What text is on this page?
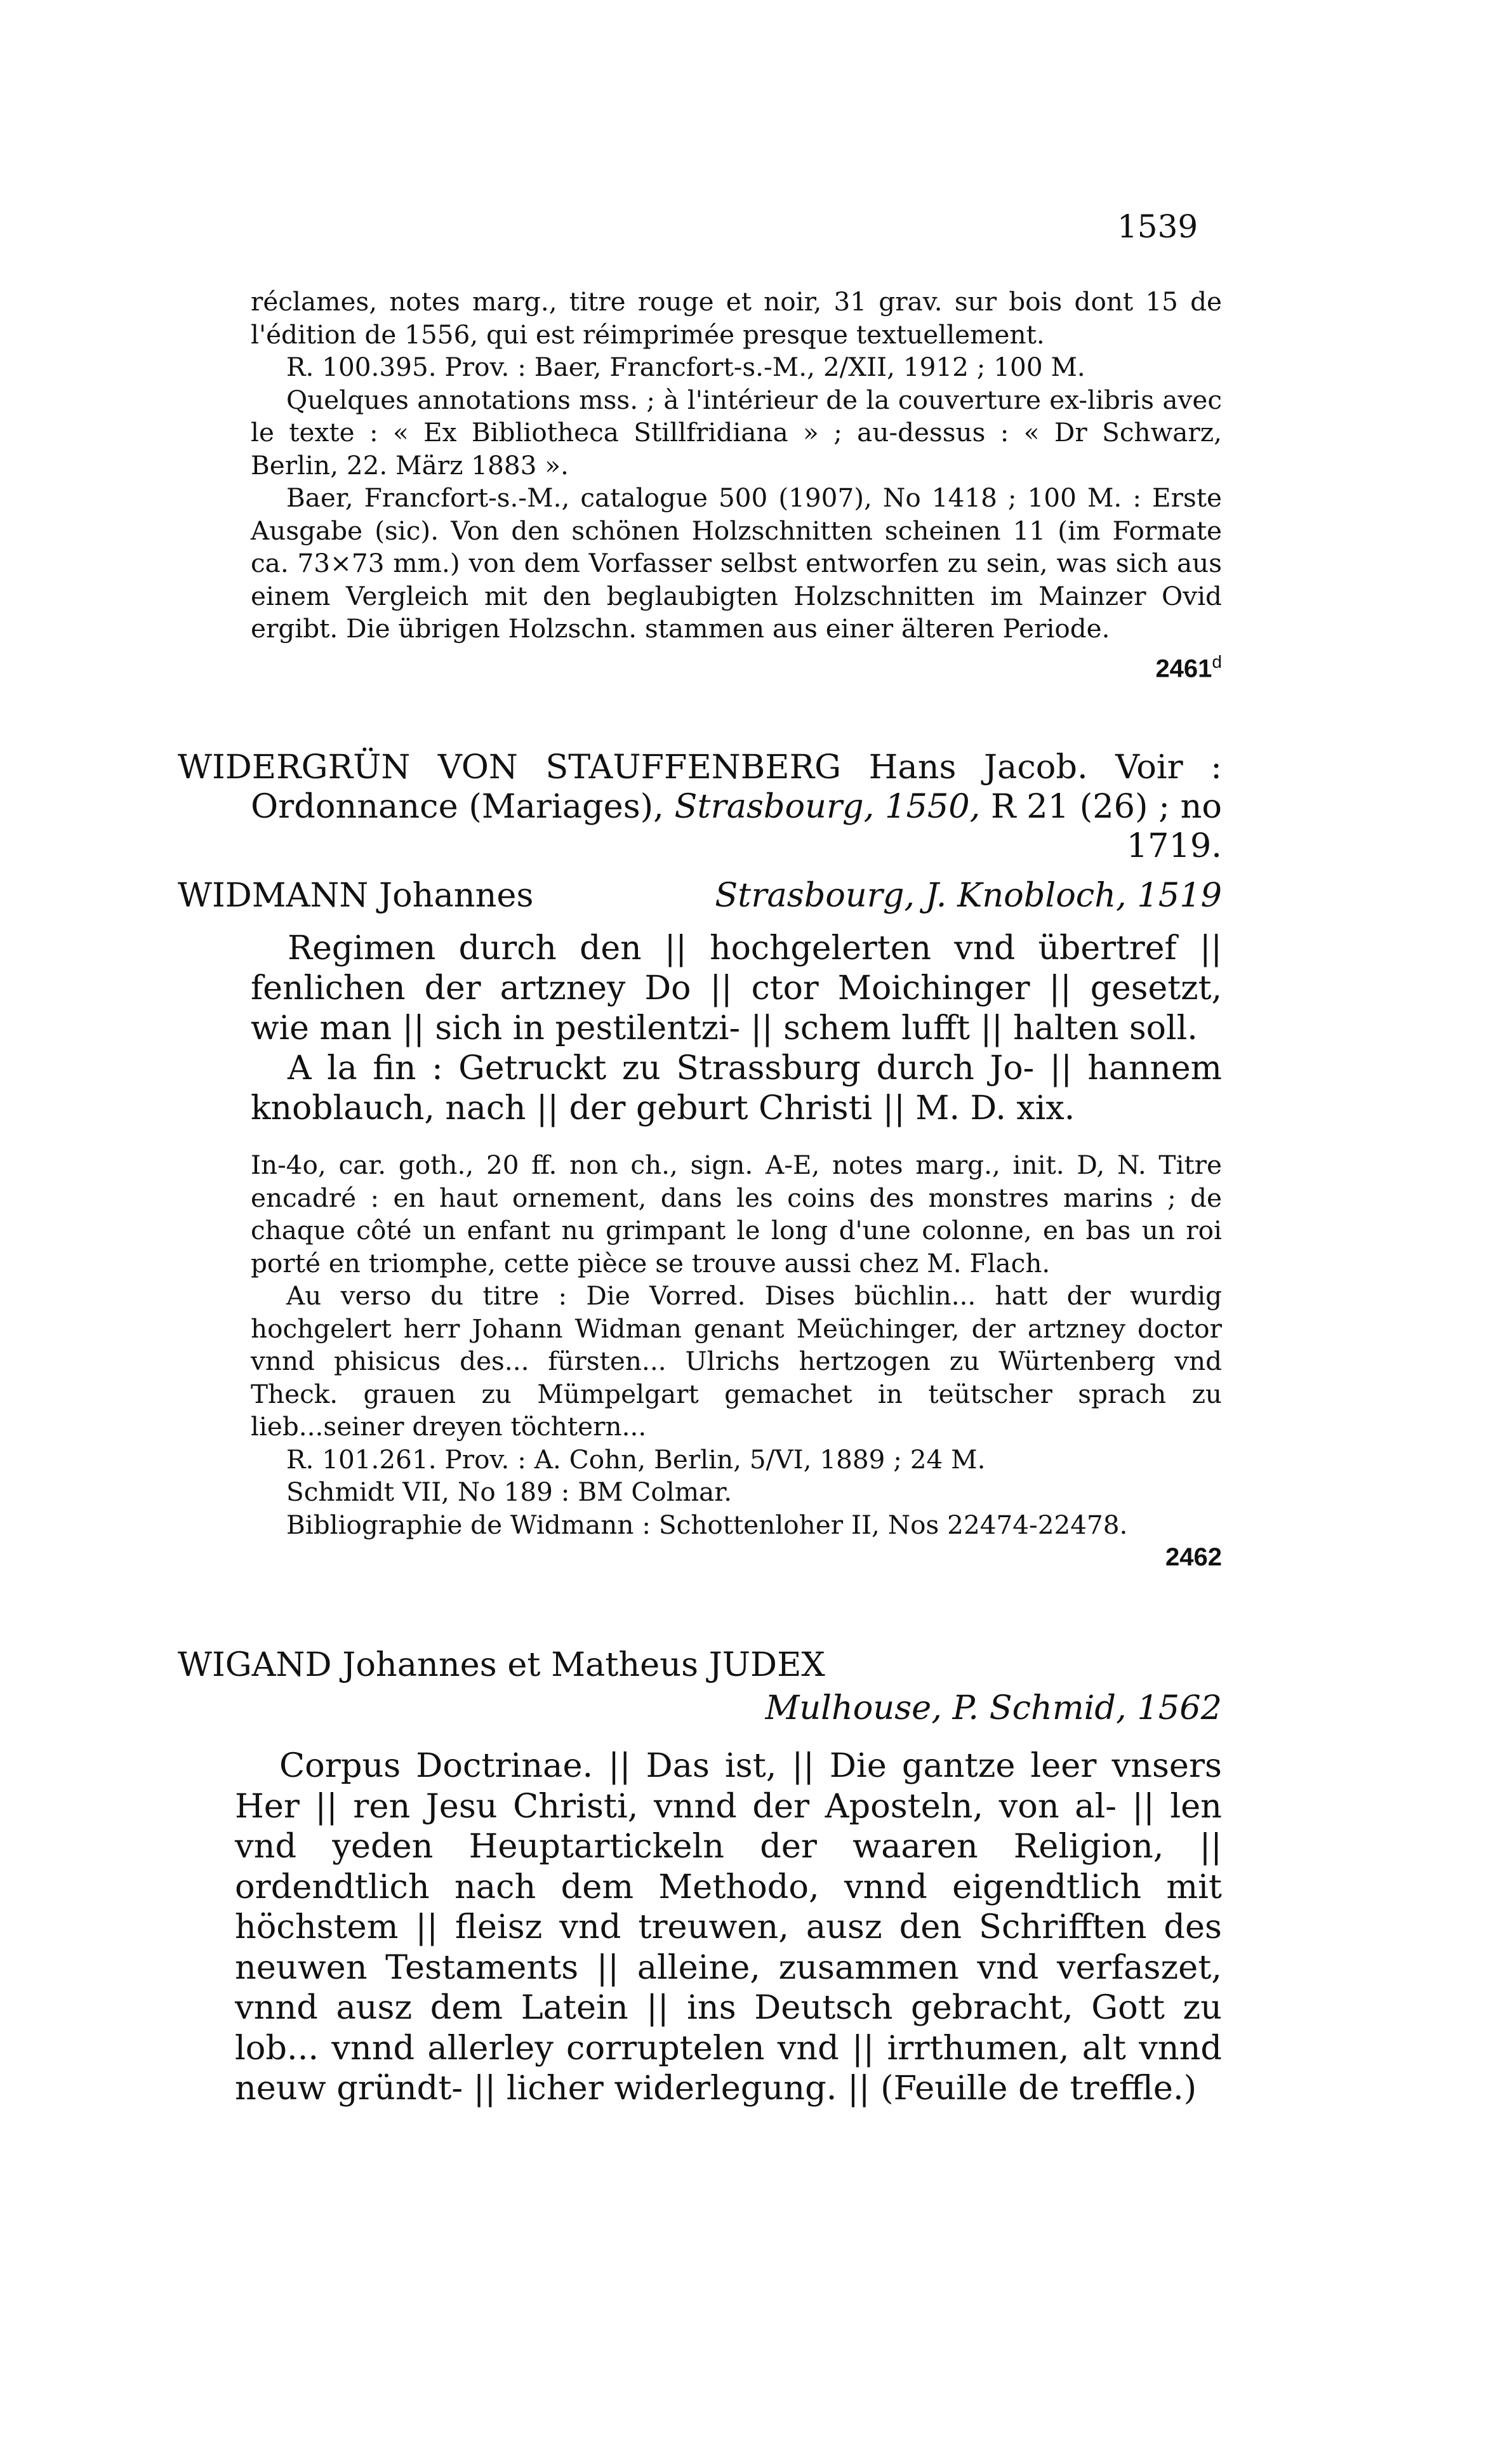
1539

réclames, notes marg., titre rouge et noir, 31 grav. sur bois dont 15 de l'édition de 1556, qui est réimprimée presque textuellement.

R. 100.395. Prov. : Baer, Francfort-s.-M., 2/XII, 1912 ; 100 M.

Quelques annotations mss. ; à l'intérieur de la couverture ex-libris avec le texte : « Ex Bibliotheca Stillfridiana » ; au-dessus : « Dr Schwarz, Berlin, 22. März 1883 ».

Baer, Francfort-s.-M., catalogue 500 (1907), No 1418 ; 100 M. : Erste Ausgabe (sic). Von den schönen Holzschnitten scheinen 11 (im Formate ca. 73×73 mm.) von dem Vorfasser selbst entworfen zu sein, was sich aus einem Vergleich mit den beglaubigten Holzschnitten im Mainzer Ovid ergibt. Die übrigen Holzschn. stammen aus einer älteren Periode.

2461$^d$
WIDERGRÜN VON STAUFFENBERG Hans Jacob. Voir :
Ordonnance (Mariages), Strasbourg, 1550, R 21 (26) ; no 1719.
WIDMANN Johannes	Strasbourg, J. Knobloch, 1519

Regimen durch den || hochgelerten vnd übertref || fenlichen der artzney Do || ctor Moichinger || gesetzt, wie man || sich in pestilentzi- || schem lufft || halten soll.

A la fin : Getruckt zu Strassburg durch Jo- || hannem knoblauch, nach || der geburt Christi || M. D. xix.

In-4o, car. goth., 20 ff. non ch., sign. A-E, notes marg., init. D, N. Titre encadré : en haut ornement, dans les coins des monstres marins ; de chaque côté un enfant nu grimpant le long d'une colonne, en bas un roi porté en triomphe, cette pièce se trouve aussi chez M. Flach.

Au verso du titre : Die Vorred. Dises büchlin... hatt der wurdig hochgelert herr Johann Widman genant Meüchinger, der artzney doctor vnnd phisicus des... fürsten... Ulrichs hertzogen zu Würtenberg vnd Theck. grauen zu Mümpelgart gemachet in teütscher sprach zu lieb...seiner dreyen töchtern...

R. 101.261. Prov. : A. Cohn, Berlin, 5/VI, 1889 ; 24 M.

Schmidt VII, No 189 : BM Colmar.

Bibliographie de Widmann : Schottenloher II, Nos 22474-22478.

2462
WIGAND Johannes et Matheus JUDEX
Mulhouse, P. Schmid, 1562

Corpus Doctrinae. || Das ist, || Die gantze leer vnsers Her || ren Jesu Christi, vnnd der Aposteln, von al- || len vnd yeden Heuptartickeln der waaren Religion, || ordendtlich nach dem Methodo, vnnd eigendtlich mit höchstem || fleisz vnd treuwen, ausz den Schrifften des neuwen Testaments || alleine, zusammen vnd verfaszet, vnnd ausz dem Latein || ins Deutsch gebracht, Gott zu lob... vnnd allerley corruptelen vnd || irrthumen, alt vnnd neuw gründt- || licher widerlegung. || (Feuille de treffle.)
